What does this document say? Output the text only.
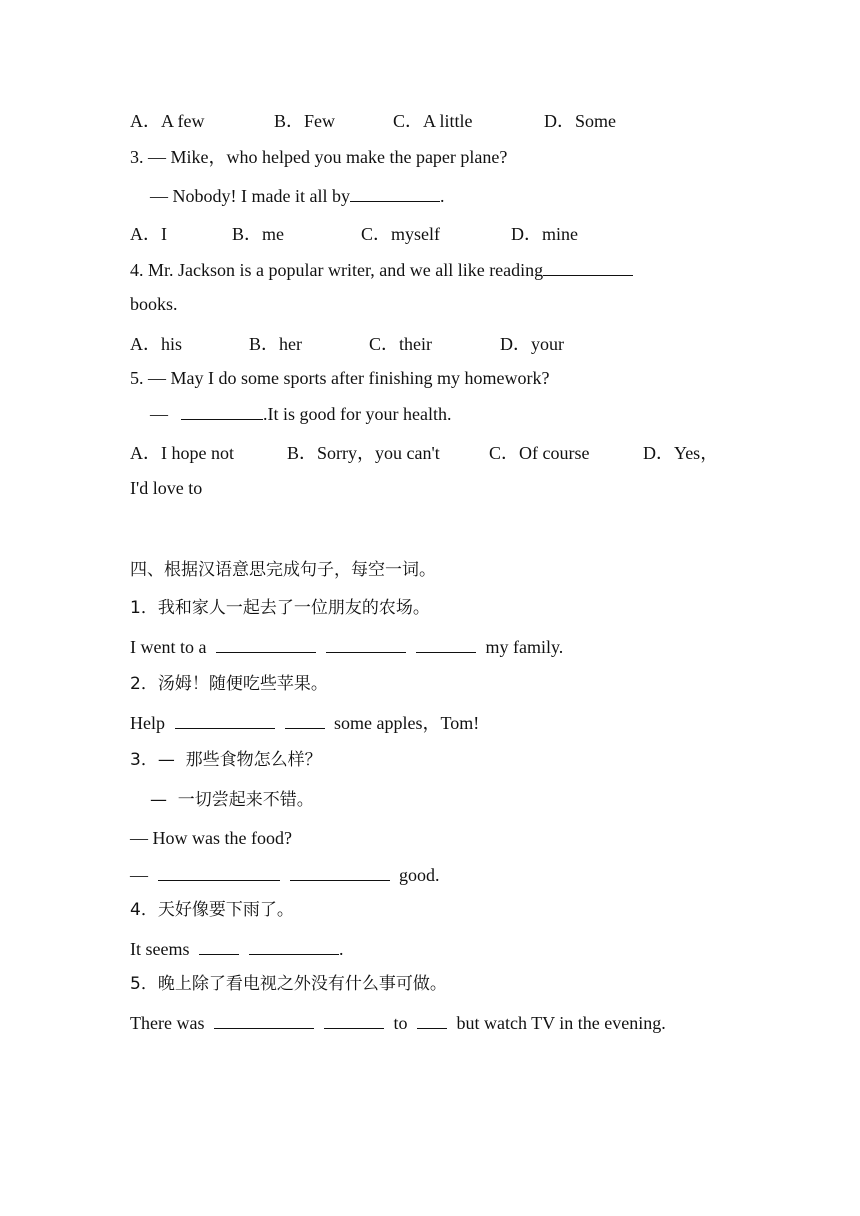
A．A few	B．Few	C．A little	D．Some
3. — Mike，who helped you make the paper plane?
— Nobody! I made it all by	.
A．I	B．me	C．myself	D．mine
4. Mr. Jackson is a popular writer, and we all like reading
books.
A．his	B．her	C．their	D．your
5. — May I do some sports after finishing my homework?
—	.It is good for your health.
A．I hope not	B．Sorry，you can't	C．Of course	D．Yes，
I'd love to
四、根据汉语意思完成句子，每空一词。
1．我和家人一起去了一位朋友的农场。
I went to a	my family.
2．汤姆！随便吃些苹果。
Help	some apples，Tom!
3．—  那些食物怎么样？
—  一切尝起来不错。
— How was the food?
—	good.
4．天好像要下雨了。
It seems	.
5．晚上除了看电视之外没有什么事可做。
There was	to	but watch TV in the evening.
